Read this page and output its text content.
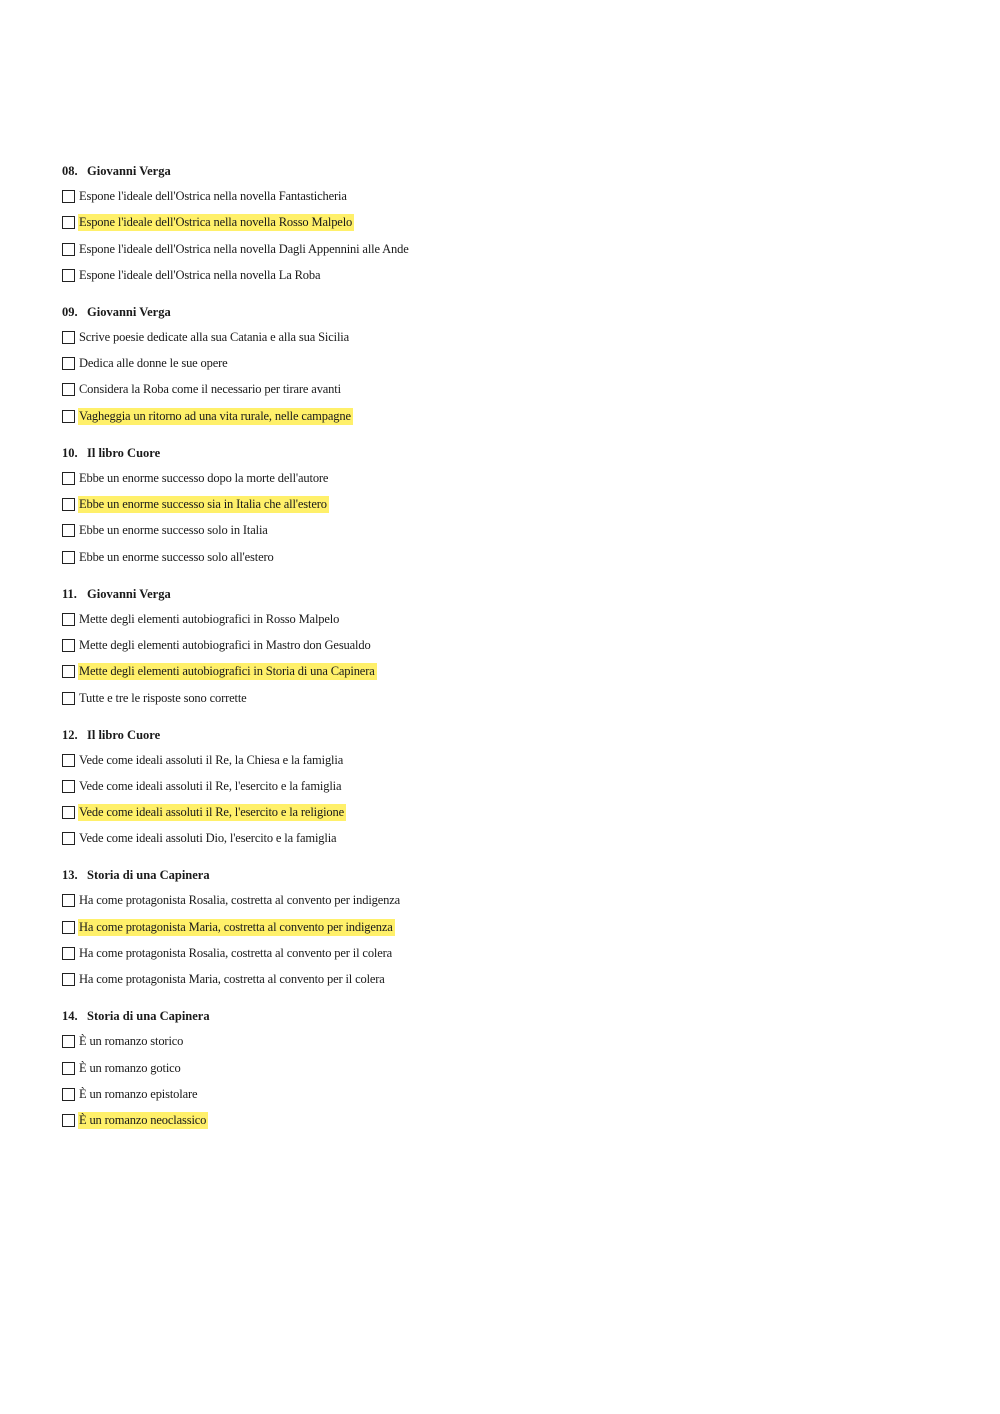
08. Giovanni Verga
Espone l'ideale dell'Ostrica nella novella Fantasticheria
Espone l'ideale dell'Ostrica nella novella Rosso Malpelo
Espone l'ideale dell'Ostrica nella novella Dagli Appennini alle Ande
Espone l'ideale dell'Ostrica nella novella La Roba
09. Giovanni Verga
Scrive poesie dedicate alla sua Catania e alla sua Sicilia
Dedica alle donne le sue opere
Considera la Roba come il necessario per tirare avanti
Vagheggia un ritorno ad una vita rurale, nelle campagne
10. Il libro Cuore
Ebbe un enorme successo dopo la morte dell'autore
Ebbe un enorme successo sia in Italia che all'estero
Ebbe un enorme successo solo in Italia
Ebbe un enorme successo solo all'estero
11. Giovanni Verga
Mette degli elementi autobiografici in Rosso Malpelo
Mette degli elementi autobiografici in Mastro don Gesualdo
Mette degli elementi autobiografici in Storia di una Capinera
Tutte e tre le risposte sono corrette
12. Il libro Cuore
Vede come ideali assoluti il Re, la Chiesa e la famiglia
Vede come ideali assoluti il Re, l'esercito e la famiglia
Vede come ideali assoluti il Re, l'esercito e la religione
Vede come ideali assoluti Dio, l'esercito e la famiglia
13. Storia di una Capinera
Ha come protagonista Rosalia, costretta al convento per indigenza
Ha come protagonista Maria, costretta al convento per indigenza
Ha come protagonista Rosalia, costretta al convento per il colera
Ha come protagonista Maria, costretta al convento per il colera
14. Storia di una Capinera
È un romanzo storico
È un romanzo gotico
È un romanzo epistolare
È un romanzo neoclassico
